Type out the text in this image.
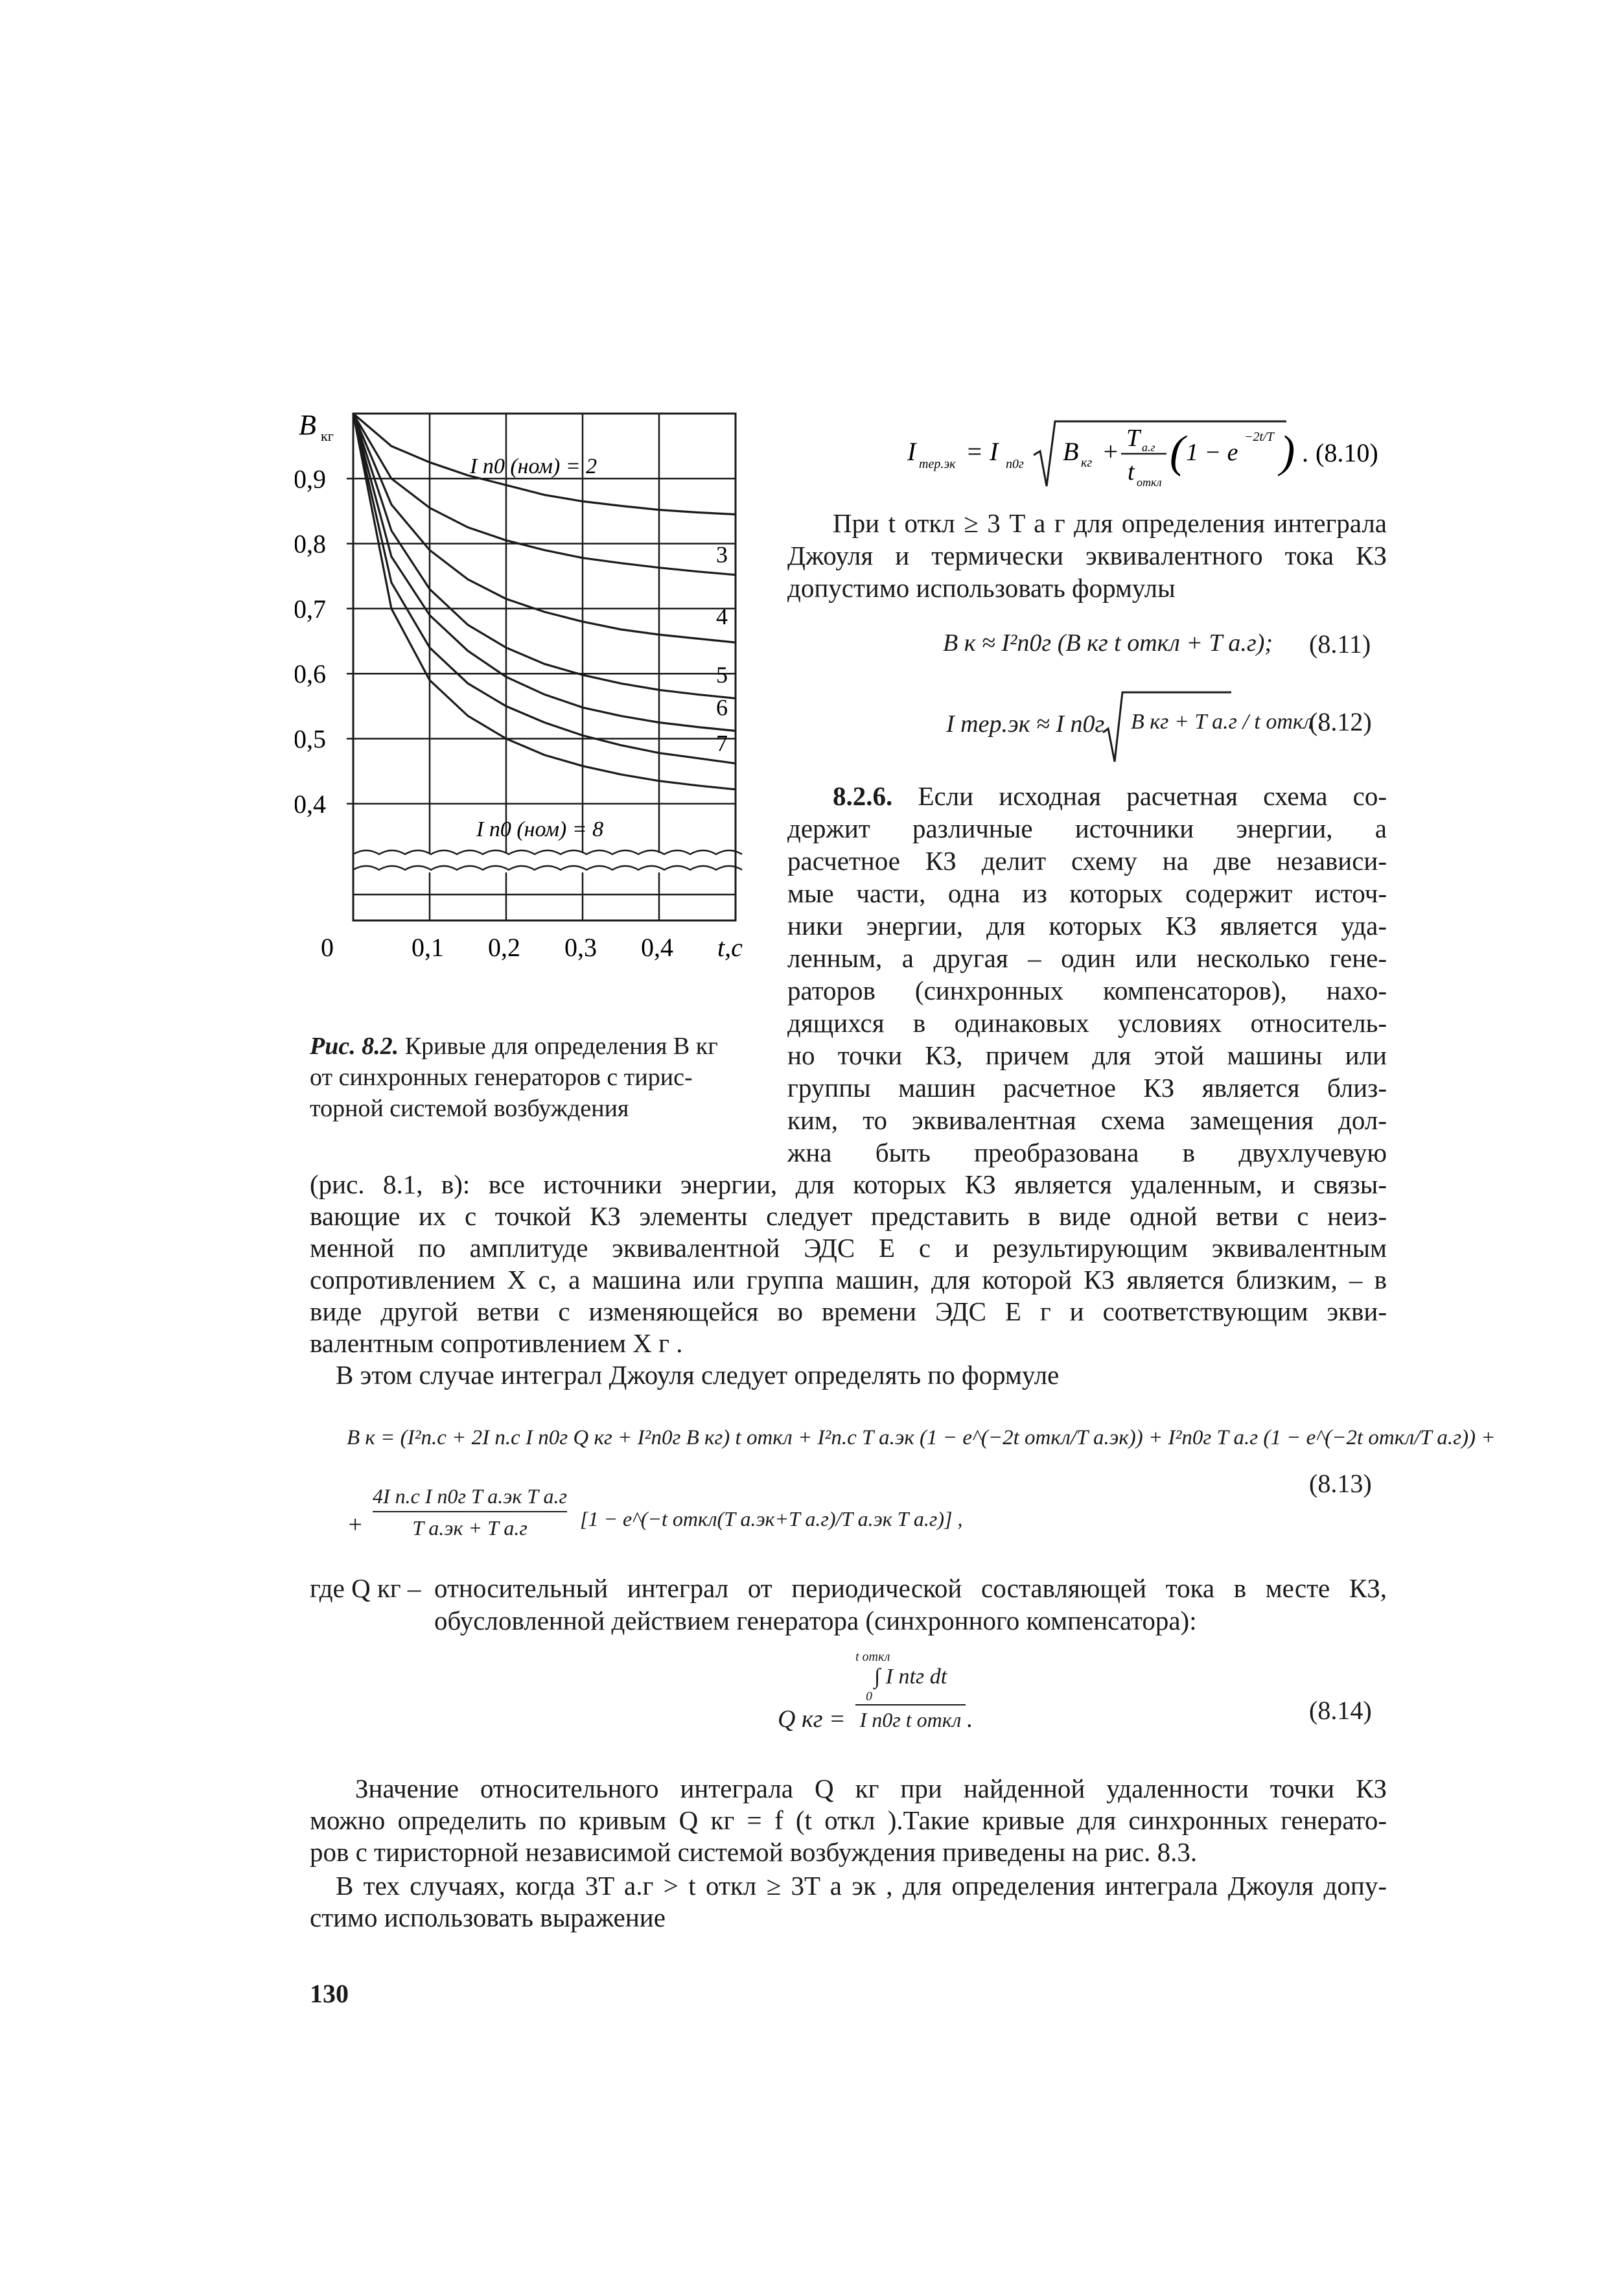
B кг
I п0 (ном) = 2
I п0 (ном) = 8
0,9
0,8
0,7
0,6
0,5
0,4
0	0,1 0,2 0,3 0,4 t,с
3
4
5
6
7
Рис. 8.2. Кривые для определения B кг
от синхронных генераторов с тирис-
торной системой возбуждения
I тер.эк = I п0г B кг + T а.г
t откл
( 1 − e
−2t/T ) . (8.10)
При t откл ≥ 3 T а г для определения интеграла
Джоуля и термически эквивалентного тока КЗ
допустимо использовать формулы
B к ≈ I²п0г (B кг t откл + T а.г); (8.11)
I тер.эк ≈ I п0г B кг + T а.г / t откл .
(8.12)
8.2.6. Если исходная расчетная схема со-
держит различные источники энергии, а
расчетное КЗ делит схему на две независи-
мые части, одна из которых содержит источ-
ники энергии, для которых КЗ является уда-
ленным, а другая – один или несколько гене-
раторов (синхронных компенсаторов), нахо-
дящихся в одинаковых условиях относитель-
но точки КЗ, причем для этой машины или
группы машин расчетное КЗ является близ-
ким, то эквивалентная схема замещения дол-
жна быть преобразована в двухлучевую
(рис. 8.1, в): все источники энергии, для которых КЗ является удаленным, и связы-
вающие их с точкой КЗ элементы следует представить в виде одной ветви с неиз-
менной по амплитуде эквивалентной ЭДС E с и результирующим эквивалентным
сопротивлением X с, а машина или группа машин, для которой КЗ является близким, – в
виде другой ветви с изменяющейся во времени ЭДС E г и соответствующим экви-
валентным сопротивлением X г .
В этом случае интеграл Джоуля следует определять по формуле
B к = (I²п.с + 2I п.с I п0г Q кг + I²п0г B кг) t откл + I²п.с T а.эк (1 − e^(−2t откл/T а.эк)) + I²п0г T а.г (1 − e^(−2t откл/T а.г)) +
+
4I п.с I п0г T а.эк T а.г
T а.эк + T а.г	[1 − e^(−t откл(T а.эк+T а.г)/T а.эк T а.г)] ,
(8.13)
где Q кг – относительный интеграл от периодической составляющей тока в месте КЗ,
обусловленной действием генератора (синхронного компенсатора):
Q кг =
t откл
∫ I пtг dt
0
I п0г t откл .	(8.14)
Значение относительного интеграла Q кг при найденной удаленности точки КЗ
можно определить по кривым Q кг = f (t откл ).Такие кривые для синхронных генерато-
ров с тиристорной независимой системой возбуждения приведены на рис. 8.3.
В тех случаях, когда 3T а.г > t откл ≥ 3T а эк , для определения интеграла Джоуля допу-
стимо использовать выражение
130
